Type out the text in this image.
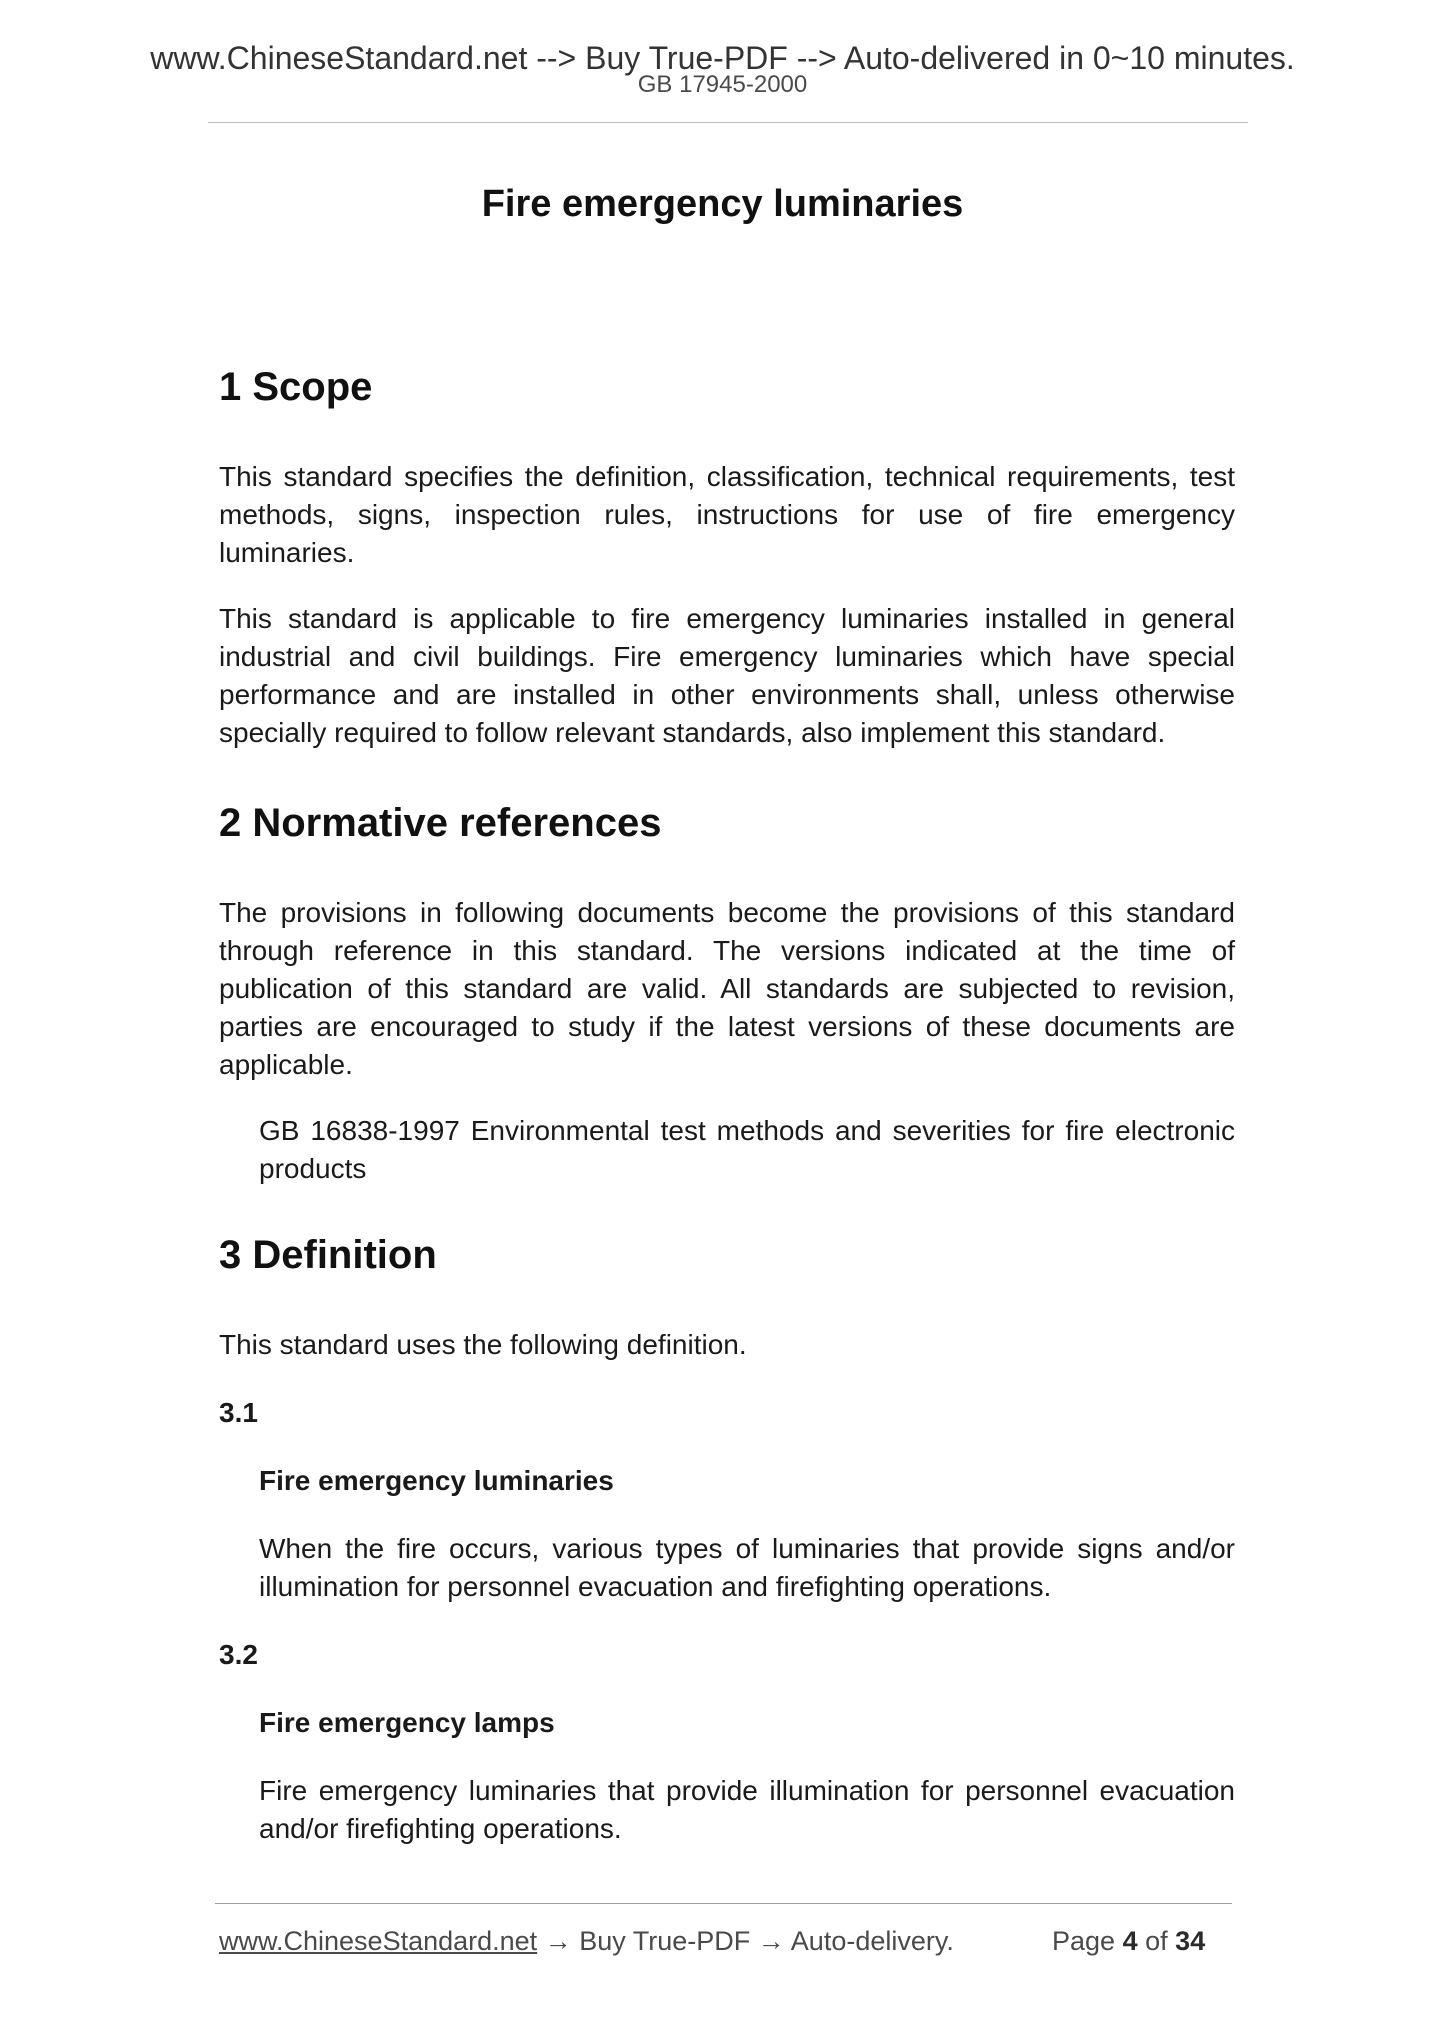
www.ChineseStandard.net --> Buy True-PDF --> Auto-delivered in 0~10 minutes.
GB 17945-2000
Fire emergency luminaries
1 Scope

This standard specifies the definition, classification, technical requirements, test methods, signs, inspection rules, instructions for use of fire emergency luminaries.

This standard is applicable to fire emergency luminaries installed in general industrial and civil buildings. Fire emergency luminaries which have special performance and are installed in other environments shall, unless otherwise specially required to follow relevant standards, also implement this standard.

2 Normative references

The provisions in following documents become the provisions of this standard through reference in this standard. The versions indicated at the time of publication of this standard are valid. All standards are subjected to revision, parties are encouraged to study if the latest versions of these documents are applicable.

GB 16838-1997 Environmental test methods and severities for fire electronic products

3 Definition

This standard uses the following definition.

3.1

Fire emergency luminaries

When the fire occurs, various types of luminaries that provide signs and/or illumination for personnel evacuation and firefighting operations.

3.2

Fire emergency lamps

Fire emergency luminaries that provide illumination for personnel evacuation and/or firefighting operations.

www.ChineseStandard.net → Buy True-PDF → Auto-delivery.	Page 4 of 34
